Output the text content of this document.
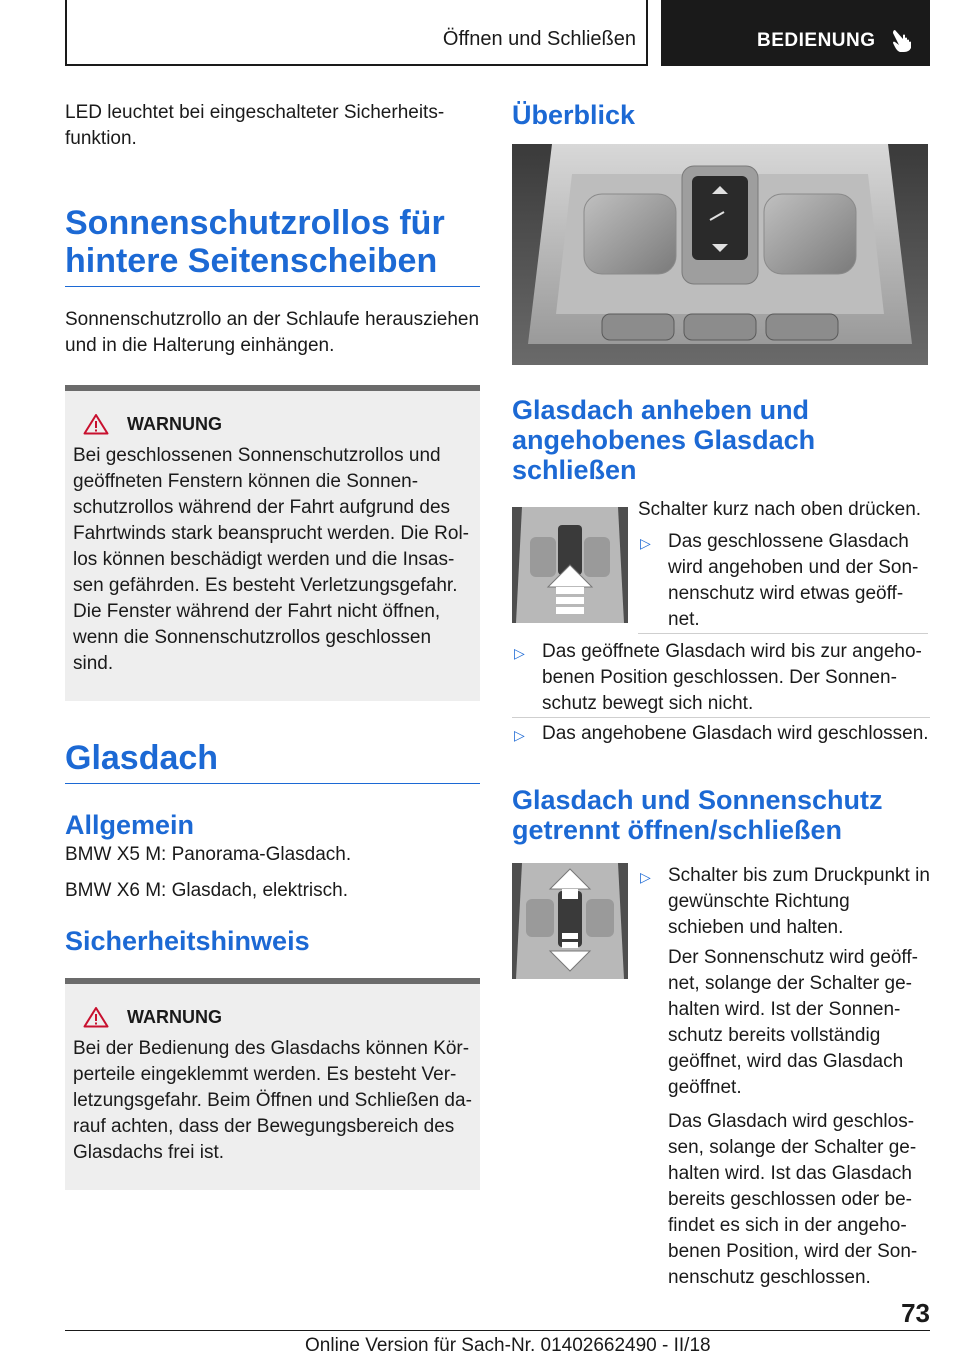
Öffnen und Schließen	BEDIENUNG

LED leuchtet bei eingeschalteter Sicherheits-funktion.

Sonnenschutzrollos für hintere Seitenscheiben

Sonnenschutzrollo an der Schlaufe herausziehen und in die Halterung einhängen.

WARNUNG

Bei geschlossenen Sonnenschutzrollos und geöffneten Fenstern können die Sonnen-schutzrollos während der Fahrt aufgrund des Fahrtwinds stark beansprucht werden. Die Rol-los können beschädigt werden und die Insas-sen gefährden. Es besteht Verletzungsgefahr. Die Fenster während der Fahrt nicht öffnen, wenn die Sonnenschutzrollos geschlossen sind.

Glasdach
Allgemein

BMW X5 M: Panorama-Glasdach.

BMW X6 M: Glasdach, elektrisch.

Sicherheitshinweis
WARNUNG

Bei der Bedienung des Glasdachs können Kör-perteile eingeklemmt werden. Es besteht Ver-letzungsgefahr. Beim Öffnen und Schließen da-rauf achten, dass der Bewegungsbereich des Glasdachs frei ist.

Überblick
Glasdach anheben und angehobenes Glasdach schließen

Schalter kurz nach oben drücken.

▷ Das geschlossene Glasdach wird angehoben und der Son-nenschutz wird etwas geöff-net.
▷ Das geöffnete Glasdach wird bis zur angeho-benen Position geschlossen. Der Sonnen-schutz bewegt sich nicht.
▷ Das angehobene Glasdach wird geschlossen.
Glasdach und Sonnenschutz getrennt öffnen/schließen
▷ Schalter bis zum Druckpunkt in gewünschte Richtung schieben und halten.

Der Sonnenschutz wird geöff-net, solange der Schalter ge-halten wird. Ist der Sonnen-schutz bereits vollständig geöffnet, wird das Glasdach geöffnet.

Das Glasdach wird geschlos-sen, solange der Schalter ge-halten wird. Ist das Glasdach bereits geschlossen oder be-findet es sich in der angeho-benen Position, wird der Son-nenschutz geschlossen.

73
Online Version für Sach-Nr. 01402662490 - II/18
